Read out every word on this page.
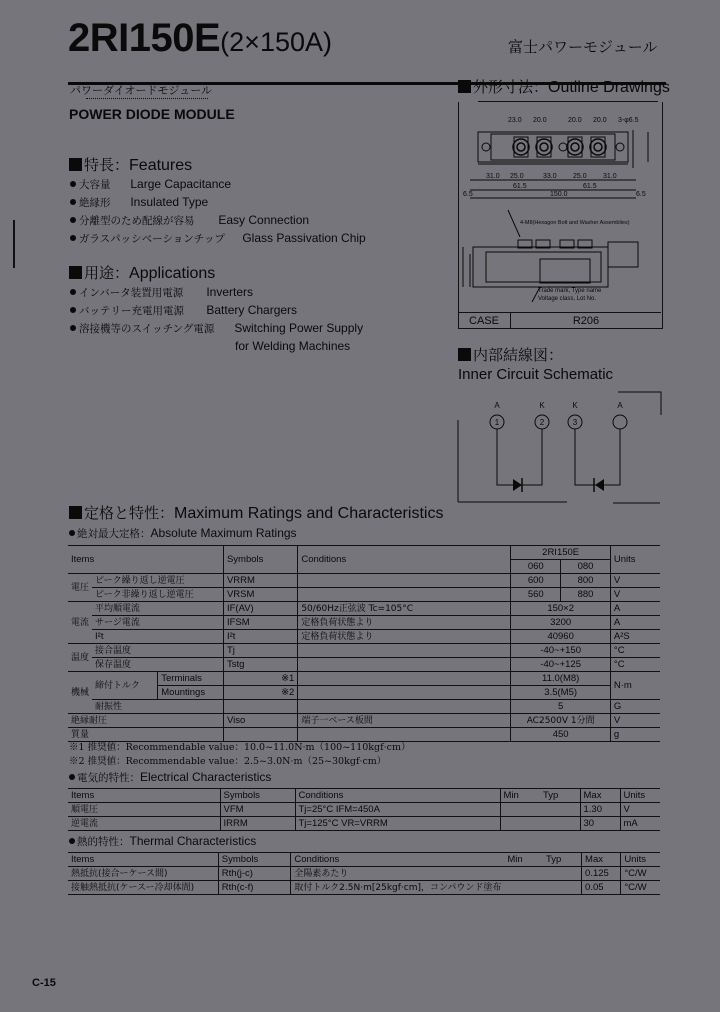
2RI150E(2×150A)	富士パワーモジュール
パワーダイオードモジュール
POWER DIODE MODULE
特長：Features
大容量 Large Capacitance
絶縁形 Insulated Type
分離型のため配線が容易 Easy Connection
ガラスパッシベーションチップ Glass Passivation Chip
用途：Applications
インバータ装置用電源 Inverters
バッテリー充電用電源 Battery Chargers
溶接機等のスイッチング電源 Switching Power Supply
for Welding Machines
外形寸法：Outline Drawings
23.0 20.0	20.0 20.0 3-φ6.5
31.0 25.0	33.0 25.0 31.0
61.5	61.5
6.5	150.0	6.5
4-M8(Hexagon Bolt and Washer Assemblies)
Trade mark, Type name
Voltage class, Lot No.
CASE	R206
内部結線図：
Inner Circuit Schematic
A	K	K	A
1	2	3
定格と特性：Maximum Ratings and Characteristics
絶対最大定格：Absolute Maximum Ratings
Items			Symbols	Conditions	2RI150E		Units
					060	080	
電圧	ピーク繰り返し逆電圧		VRRM		600	800	V
	ピーク非繰り返し逆電圧		VRSM		560	880	V
電流	平均順電流		IF(AV)	50/60Hz正弦波 Tc=105°C	150×2		A
	サージ電流		IFSM	定格負荷状態より	3200		A
	I²t		I²t	定格負荷状態より	40960		A²S
温度	接合温度		Tj		-40~+150		°C
	保存温度		Tstg		-40~+125		°C
機械	締付トルク	Terminals	※1		11.0(M8)		N·m
		Mountings	※2		3.5(M5)		
	耐振性				5		G
絶縁耐圧			Viso	端子一ベース板間	AC2500V 1分間		V
質量					450		g
※1 推奨値：Recommendable value：10.0~11.0N·m（100~110kgf·cm）
※2 推奨値：Recommendable value：2.5~3.0N·m（25~30kgf·cm）
電気的特性：Electrical Characteristics
Items	Symbols	Conditions	Min	Typ	Max	Units
順電圧	VFM	Tj=25°C IFM=450A			1.30	V
逆電流	IRRM	Tj=125°C VR=VRRM			30	mA
熱的特性：Thermal Characteristics
Items	Symbols	Conditions	Min	Typ	Max	Units
熱抵抗(接合ーケース間)	Rth(j-c)	全陽素あたり			0.125	°C/W
接触熱抵抗(ケースー冷却体間)	Rth(c-f)	取付トルク2.5N·m[25kgf·cm]，コンパウンド塗布			0.05	°C/W
C-15
